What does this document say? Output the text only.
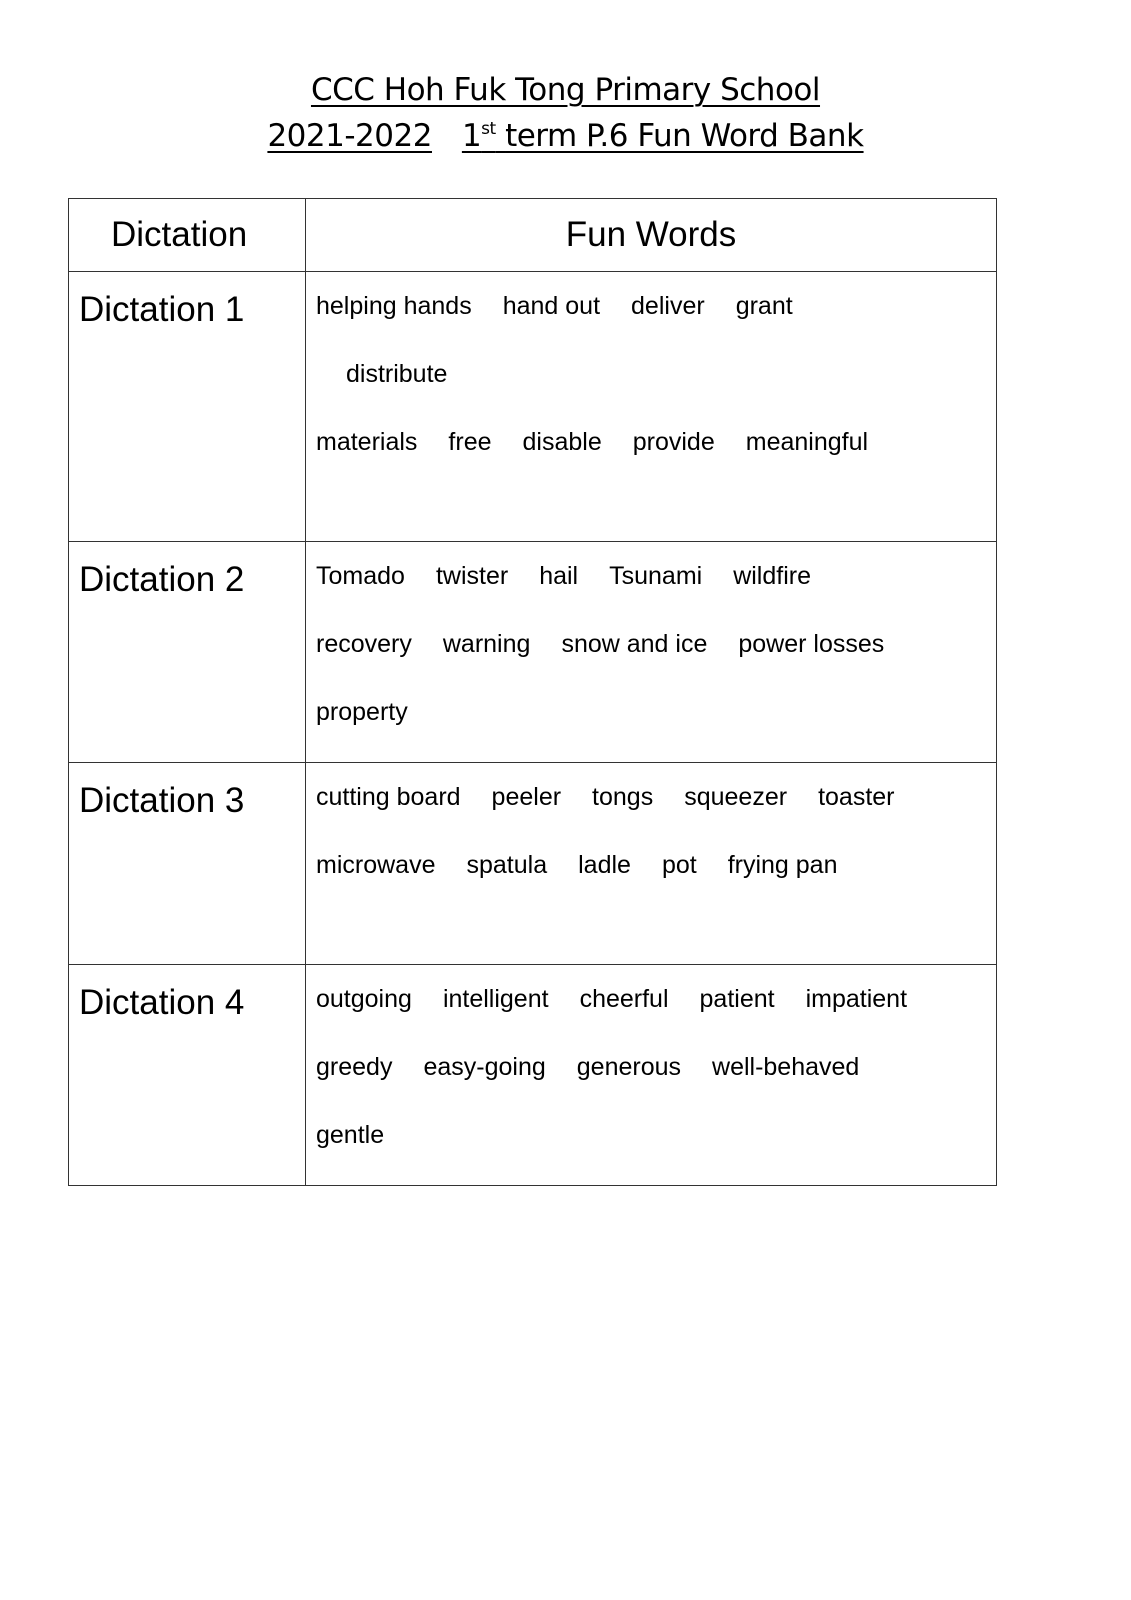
CCC Hoh Fuk Tong Primary School
2021-2022 1st term P.6 Fun Word Bank
Dictation	Fun Words

Dictation 1	helping hands hand out deliver grant
distribute
materials free disable provide meaningful

Dictation 2	Tomado twister hail Tsunami wildfire
recovery warning snow and ice power losses
property

Dictation 3	cutting board peeler tongs squeezer toaster
microwave spatula ladle pot frying pan

Dictation 4	outgoing intelligent cheerful patient impatient
greedy easy-going generous well-behaved
gentle
